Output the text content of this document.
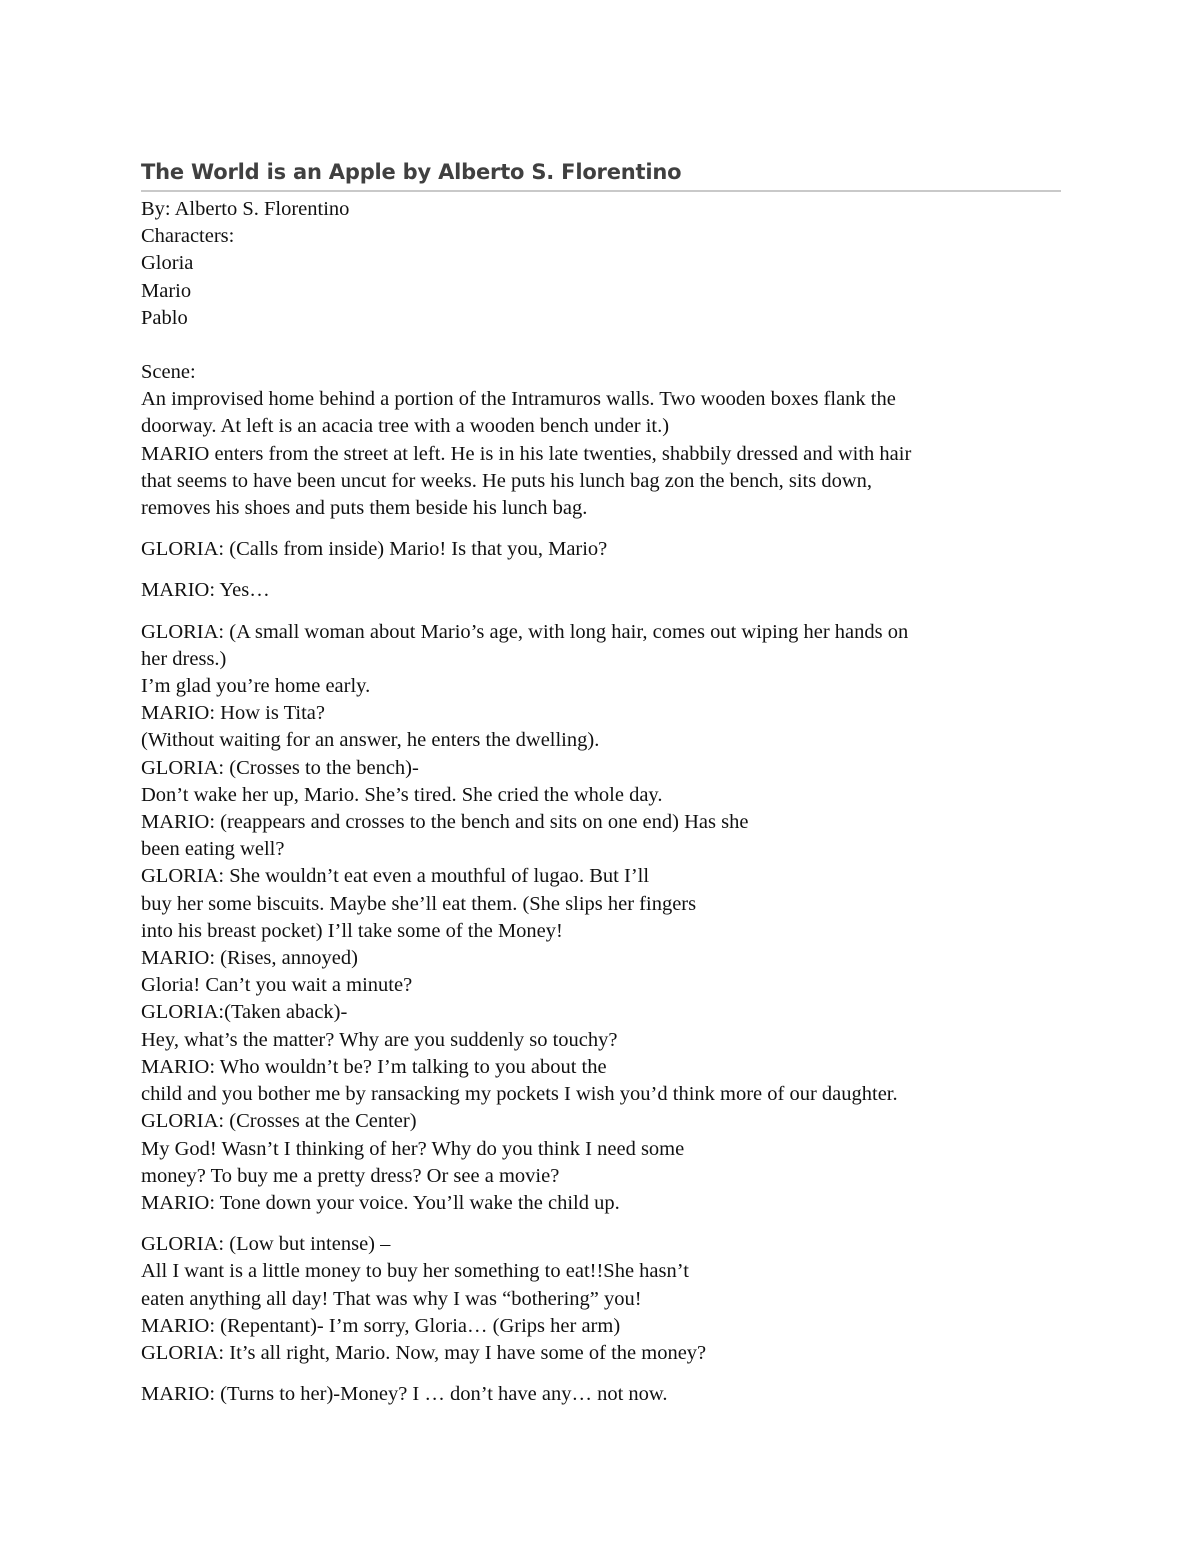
The World is an Apple by Alberto S. Florentino
By: Alberto S. Florentino
Characters:
Gloria
Mario
Pablo
Scene:
An improvised home behind a portion of the Intramuros walls. Two wooden boxes flank the
doorway. At left is an acacia tree with a wooden bench under it.)
MARIO enters from the street at left. He is in his late twenties, shabbily dressed and with hair
that seems to have been uncut for weeks. He puts his lunch bag zon the bench, sits down,
removes his shoes and puts them beside his lunch bag.
GLORIA: (Calls from inside) Mario! Is that you, Mario?
MARIO: Yes…
GLORIA: (A small woman about Mario’s age, with long hair, comes out wiping her hands on
her dress.)
I’m glad you’re home early.
MARIO: How is Tita?
(Without waiting for an answer, he enters the dwelling).
GLORIA: (Crosses to the bench)-
Don’t wake her up, Mario. She’s tired. She cried the whole day.
MARIO: (reappears and crosses to the bench and sits on one end) Has she
been eating well?
GLORIA: She wouldn’t eat even a mouthful of lugao. But I’ll
buy her some biscuits. Maybe she’ll eat them. (She slips her fingers
into his breast pocket) I’ll take some of the Money!
MARIO: (Rises, annoyed)
Gloria! Can’t you wait a minute?
GLORIA:(Taken aback)-
Hey, what’s the matter? Why are you suddenly so touchy?
MARIO: Who wouldn’t be? I’m talking to you about the
child and you bother me by ransacking my pockets I wish you’d think more of our daughter.
GLORIA: (Crosses at the Center)
My God! Wasn’t I thinking of her? Why do you think I need some
money? To buy me a pretty dress? Or see a movie?
MARIO: Tone down your voice. You’ll wake the child up.
GLORIA: (Low but intense) –
All I want is a little money to buy her something to eat!!She hasn’t
eaten anything all day! That was why I was “bothering” you!
MARIO: (Repentant)- I’m sorry, Gloria… (Grips her arm)
GLORIA: It’s all right, Mario. Now, may I have some of the money?
MARIO: (Turns to her)-Money? I … don’t have any… not now.
